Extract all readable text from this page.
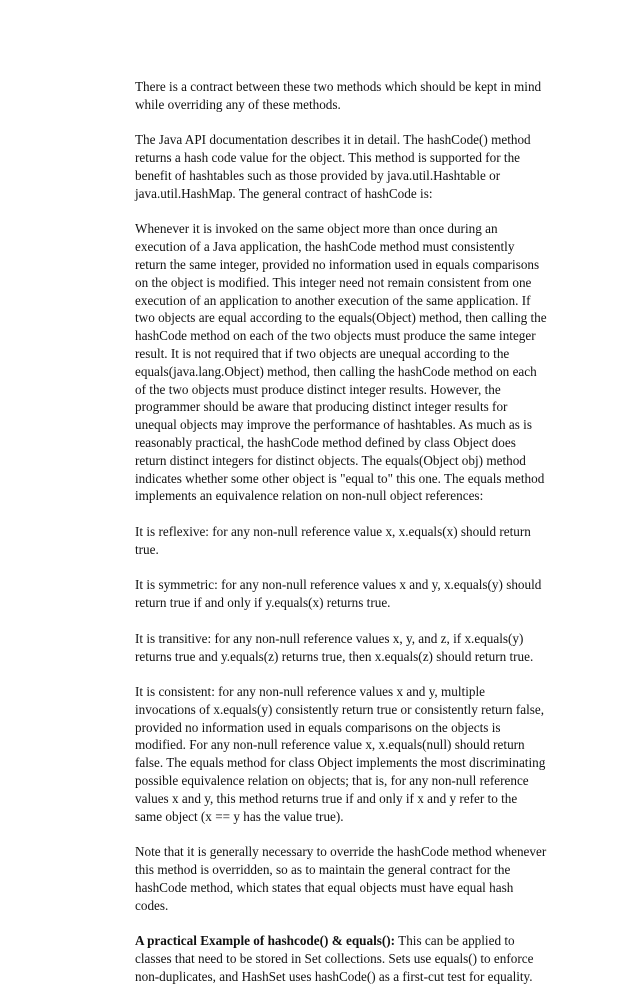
There is a contract between these two methods which should be kept in mind while overriding any of these methods.

The Java API documentation describes it in detail. The hashCode() method returns a hash code value for the object. This method is supported for the benefit of hashtables such as those provided by java.util.Hashtable or java.util.HashMap. The general contract of hashCode is:

Whenever it is invoked on the same object more than once during an execution of a Java application, the hashCode method must consistently return the same integer, provided no information used in equals comparisons on the object is modified. This integer need not remain consistent from one execution of an application to another execution of the same application. If two objects are equal according to the equals(Object) method, then calling the hashCode method on each of the two objects must produce the same integer result. It is not required that if two objects are unequal according to the equals(java.lang.Object) method, then calling the hashCode method on each of the two objects must produce distinct integer results. However, the programmer should be aware that producing distinct integer results for unequal objects may improve the performance of hashtables. As much as is reasonably practical, the hashCode method defined by class Object does return distinct integers for distinct objects. The equals(Object obj) method indicates whether some other object is "equal to" this one. The equals method implements an equivalence relation on non-null object references:

It is reflexive: for any non-null reference value x, x.equals(x) should return true.

It is symmetric: for any non-null reference values x and y, x.equals(y) should return true if and only if y.equals(x) returns true.

It is transitive: for any non-null reference values x, y, and z, if x.equals(y) returns true and y.equals(z) returns true, then x.equals(z) should return true.

It is consistent: for any non-null reference values x and y, multiple invocations of x.equals(y) consistently return true or consistently return false, provided no information used in equals comparisons on the objects is modified. For any non-null reference value x, x.equals(null) should return false. The equals method for class Object implements the most discriminating possible equivalence relation on objects; that is, for any non-null reference values x and y, this method returns true if and only if x and y refer to the same object (x == y has the value true).

Note that it is generally necessary to override the hashCode method whenever this method is overridden, so as to maintain the general contract for the hashCode method, which states that equal objects must have equal hash codes.

A practical Example of hashcode() & equals(): This can be applied to classes that need to be stored in Set collections. Sets use equals() to enforce non-duplicates, and HashSet uses hashCode() as a first-cut test for equality.
